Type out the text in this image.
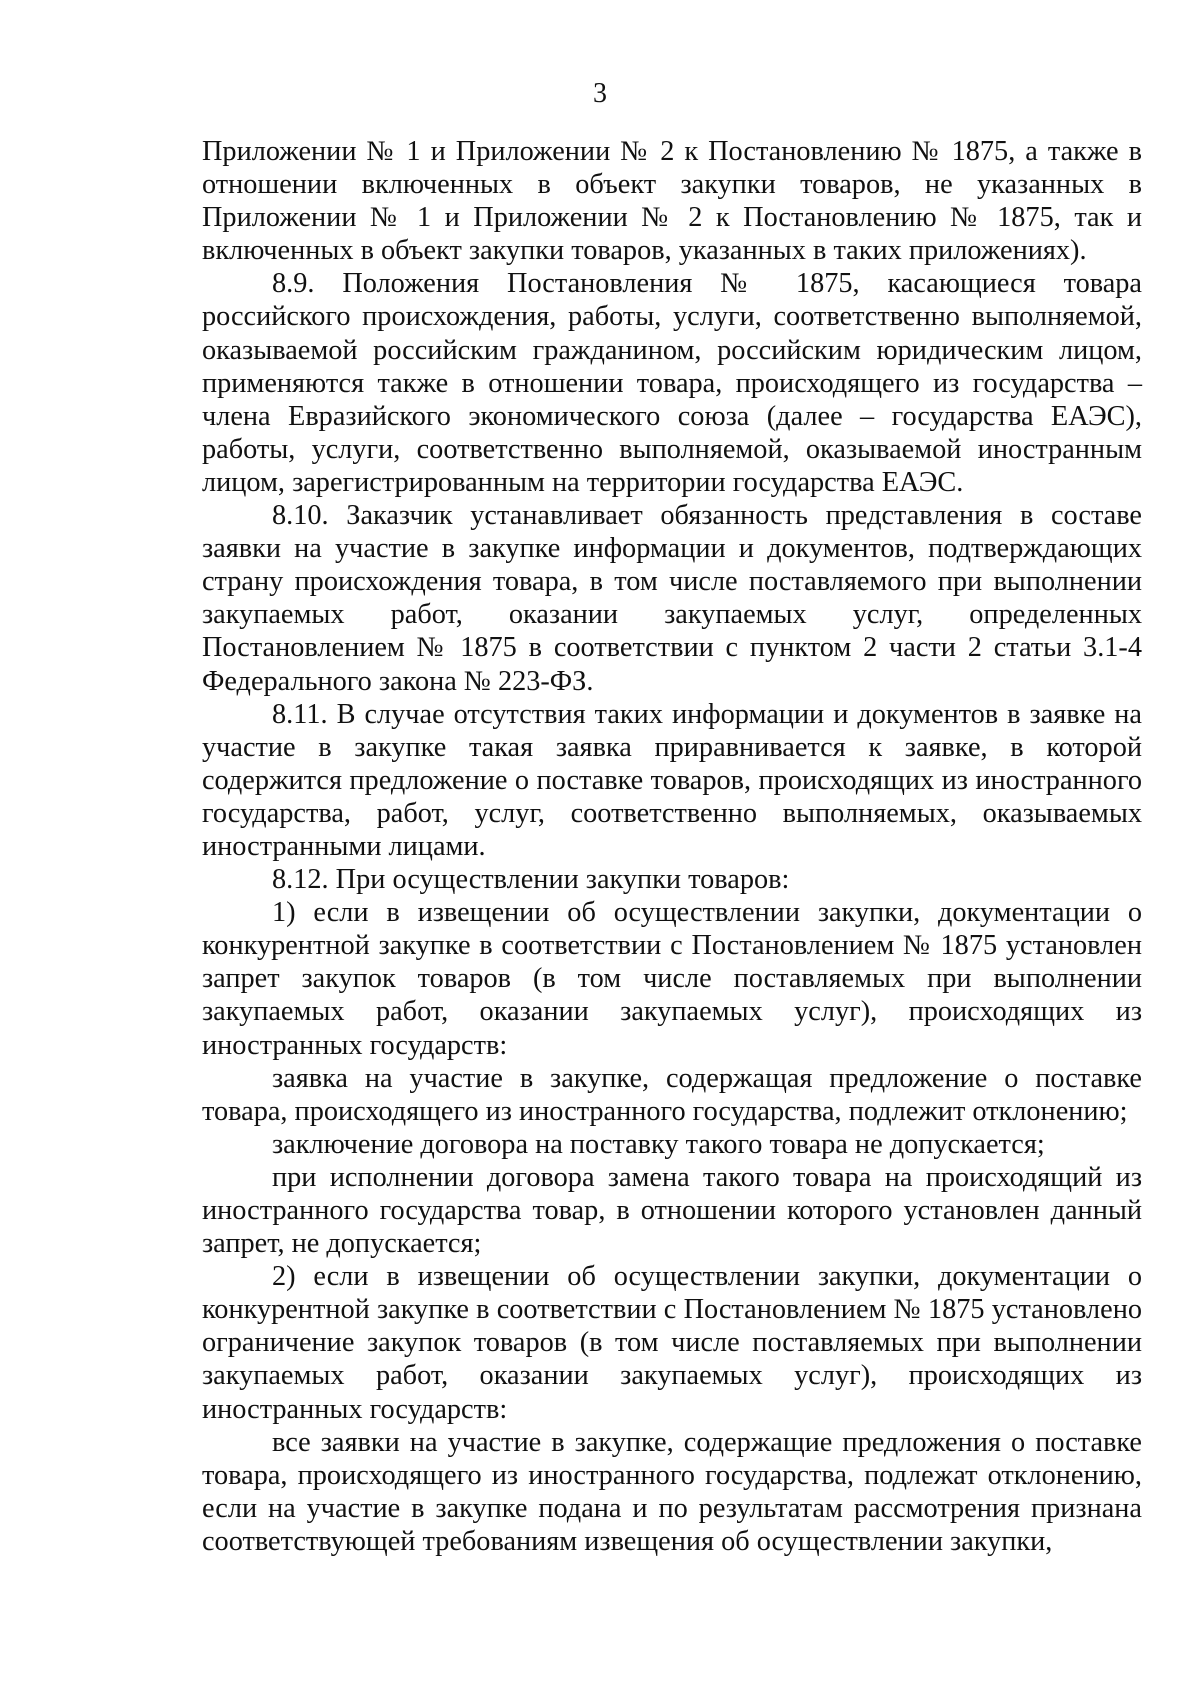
3

Приложении № 1 и Приложении № 2 к Постановлению № 1875, а также в отношении включенных в объект закупки товаров, не указанных в Приложении № 1 и Приложении № 2 к Постановлению № 1875, так и включенных в объект закупки товаров, указанных в таких приложениях).

8.9. Положения Постановления № 1875, касающиеся товара российского происхождения, работы, услуги, соответственно выполняемой, оказываемой российским гражданином, российским юридическим лицом, применяются также в отношении товара, происходящего из государства – члена Евразийского экономического союза (далее – государства ЕАЭС), работы, услуги, соответственно выполняемой, оказываемой иностранным лицом, зарегистрированным на территории государства ЕАЭС.

8.10. Заказчик устанавливает обязанность представления в составе заявки на участие в закупке информации и документов, подтверждающих страну происхождения товара, в том числе поставляемого при выполнении закупаемых работ, оказании закупаемых услуг, определенных Постановлением № 1875 в соответствии с пунктом 2 части 2 статьи 3.1-4 Федерального закона № 223-ФЗ.

8.11. В случае отсутствия таких информации и документов в заявке на участие в закупке такая заявка приравнивается к заявке, в которой содержится предложение о поставке товаров, происходящих из иностранного государства, работ, услуг, соответственно выполняемых, оказываемых иностранными лицами.

8.12. При осуществлении закупки товаров:

1) если в извещении об осуществлении закупки, документации о конкурентной закупке в соответствии с Постановлением № 1875 установлен запрет закупок товаров (в том числе поставляемых при выполнении закупаемых работ, оказании закупаемых услуг), происходящих из иностранных государств:

заявка на участие в закупке, содержащая предложение о поставке товара, происходящего из иностранного государства, подлежит отклонению;

заключение договора на поставку такого товара не допускается;

при исполнении договора замена такого товара на происходящий из иностранного государства товар, в отношении которого установлен данный запрет, не допускается;

2) если в извещении об осуществлении закупки, документации о конкурентной закупке в соответствии с Постановлением № 1875 установлено ограничение закупок товаров (в том числе поставляемых при выполнении закупаемых работ, оказании закупаемых услуг), происходящих из иностранных государств:

все заявки на участие в закупке, содержащие предложения о поставке товара, происходящего из иностранного государства, подлежат отклонению, если на участие в закупке подана и по результатам рассмотрения признана соответствующей требованиям извещения об осуществлении закупки,
